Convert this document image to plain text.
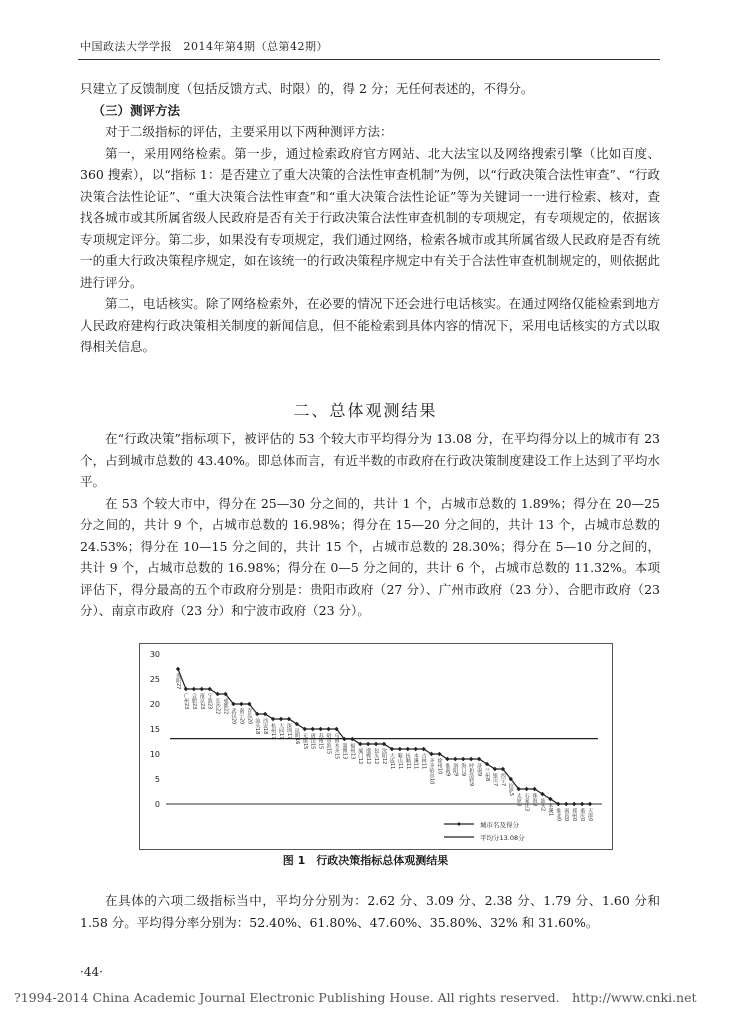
中国政法大学学报　2014年第4期（总第42期）

只建立了反馈制度（包括反馈方式、时限）的，得 2 分；无任何表述的，不得分。

（三）测评方法

对于二级指标的评估，主要采用以下两种测评方法：

第一，采用网络检索。第一步，通过检索政府官方网站、北大法宝以及网络搜索引擎（比如百度、360 搜索），以“指标 1：是否建立了重大决策的合法性审查机制”为例，以“行政决策合法性审查”、“行政决策合法性论证”、“重大决策合法性审查”和“重大决策合法性论证”等为关键词一一进行检索、核对，查找各城市或其所属省级人民政府是否有关于行政决策合法性审查机制的专项规定，有专项规定的，依据该专项规定评分。第二步，如果没有专项规定，我们通过网络，检索各城市或其所属省级人民政府是否有统一的重大行政决策程序规定，如在该统一的行政决策程序规定中有关于合法性审查机制规定的，则依据此进行评分。

第二，电话核实。除了网络检索外，在必要的情况下还会进行电话核实。在通过网络仅能检索到地方人民政府建构行政决策相关制度的新闻信息，但不能检索到具体内容的情况下，采用电话核实的方式以取得相关信息。

二、总体观测结果

在“行政决策”指标项下，被评估的 53 个较大市平均得分为 13.08 分，在平均得分以上的城市有 23 个，占到城市总数的 43.40%。即总体而言，有近半数的市政府在行政决策制度建设工作上达到了平均水平。

在 53 个较大市中，得分在 25—30 分之间的，共计 1 个，占城市总数的 1.89%；得分在 20—25 分之间的，共计 9 个，占城市总数的 16.98%；得分在 15—20 分之间的，共计 13 个，占城市总数的 24.53%；得分在 10—15 分之间的，共计 15 个，占城市总数的 28.30%；得分在 5—10 分之间的，共计 9 个，占城市总数的 16.98%；得分在 0—5 分之间的，共计 6 个，占城市总数的 11.32%。本项评估下，得分最高的五个市政府分别是：贵阳市政府（27 分）、广州市政府（23 分）、合肥市政府（23 分）、南京市政府（23 分）和宁波市政府（23 分）。

0
5
10
15
20
25
30
贵阳27
广州23 合肥23 南京23 宁波23 长沙22 成都22
武汉20 南宁20 青岛20
汕头18 西安18 杭州17 大同17 深圳17 昆明16 无锡15 唐山15 苏州15 哈尔滨15 乌鲁木齐15 淄博13 福州13 厦门12 邯郸12 包头12 沈阳12 大连11 鞍山11 抚顺11 本溪11 吉林11 齐齐哈尔10 徐州10 淮南9 洛阳9 海口9 呼和浩特9 济南9 兰州8 银川7 西宁7
拉萨5
太原3 石家庄3 珠海3 汕头2 本溪1 淮北0 南昌0 郑州0 重庆0 天津0
城市名及得分
平均分13.08分
图 1　行政决策指标总体观测结果

在具体的六项二级指标当中，平均分分别为：2.62 分、3.09 分、2.38 分、1.79 分、1.60 分和 1.58 分。平均得分率分别为：52.40%、61.80%、47.60%、35.80%、32% 和 31.60%。

·44·
?1994-2014 China Academic Journal Electronic Publishing House. All rights reserved.　http://www.cnki.net
